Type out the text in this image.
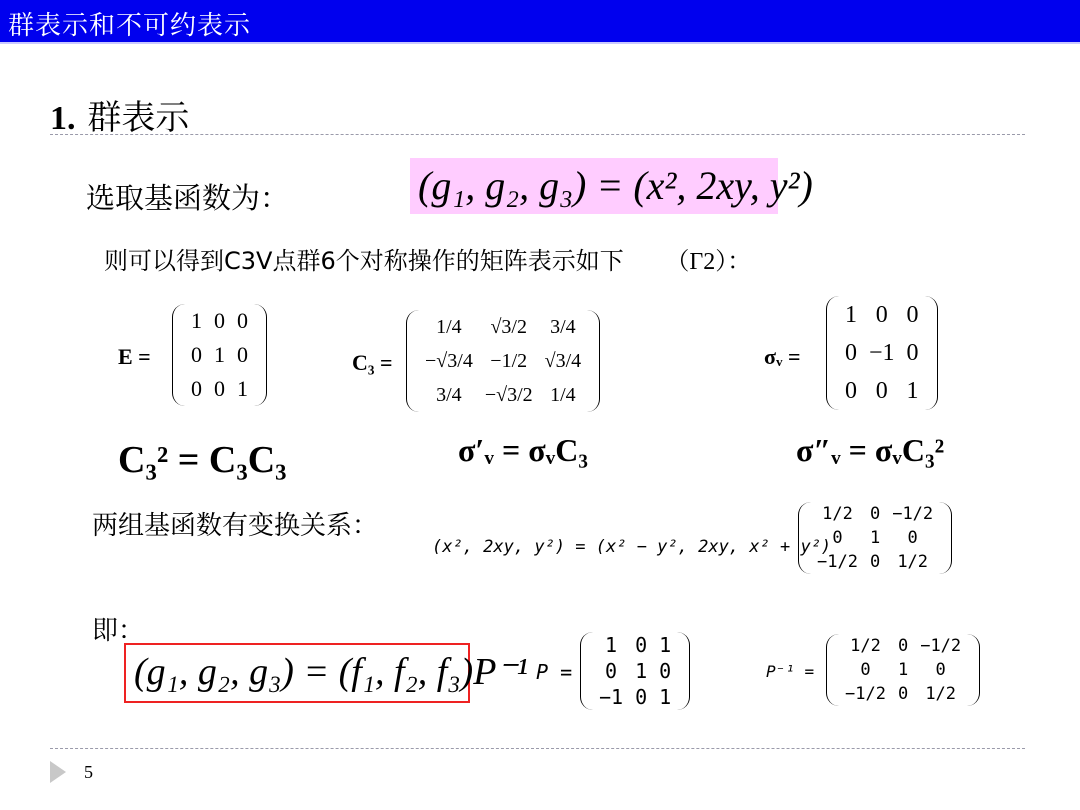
群表示和不可约表示
1. 群表示
选取基函数为：	(g₁, g₂, g₃) = (x², 2xy, y²)
则可以得到C3V点群6个对称操作的矩阵表示如下 （Γ2）：
E =
1	0	0
0	1	0
0	0	1
C₃ =
1/4	√3/2	3/4
−√3/4	−1/2	√3/4
3/4	−√3/2	1/4
σᵥ =
1	0	0
0	−1	0
0	0	1
C₃² = C₃C₃	σ′ᵥ = σᵥC₃	σ″ᵥ = σᵥC₃²
两组基函数有变换关系：
(x², 2xy, y²) = (x² − y², 2xy, x² + y²)
1/2	0	−1/2
0	1	0
−1/2	0	1/2
即：
(g₁, g₂, g₃) = (f₁, f₂, f₃)P⁻¹ P =
1	0	1
0	1	0
−1	0	1
P⁻¹ =
1/2	0	−1/2
0	1	0
−1/2	0	1/2
5
